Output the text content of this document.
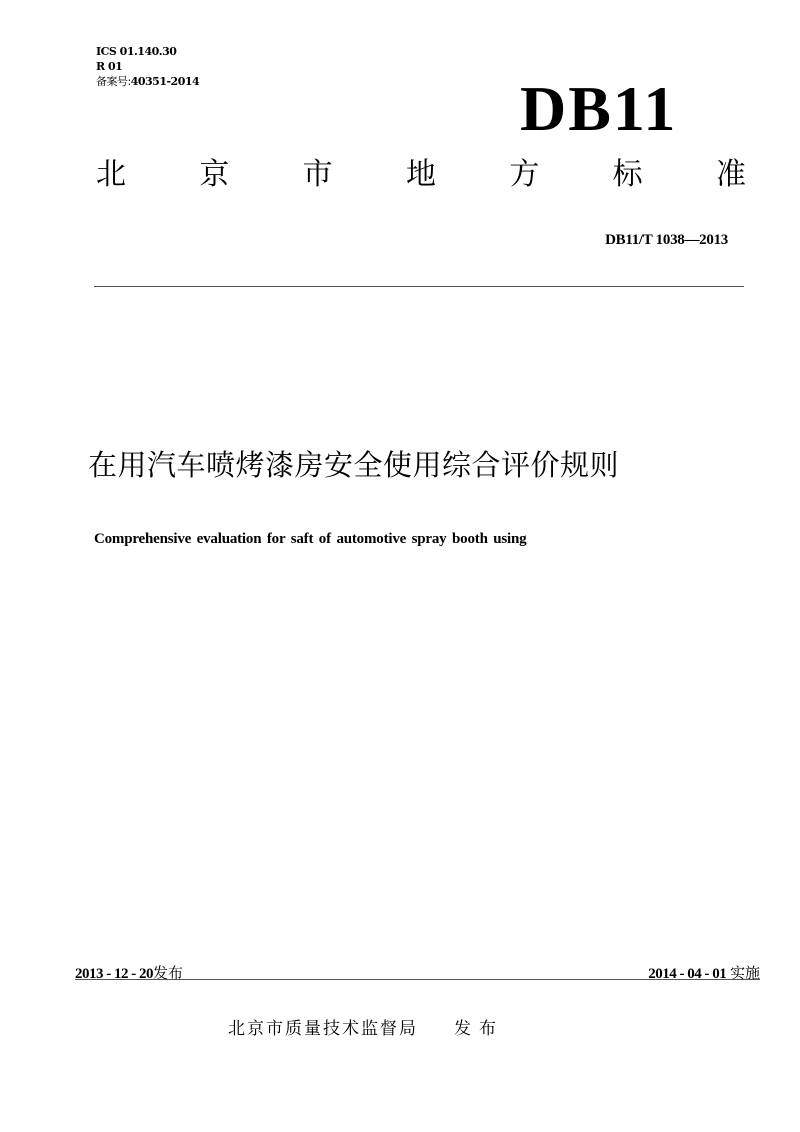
ICS 01.140.30
R 01
备案号:40351-2014	DB11
北 京 市 地 方 标 准
DB11/T 1038—2013
在用汽车喷烤漆房安全使用综合评价规则
Comprehensive evaluation for saft of automotive spray booth using
2013 - 12 - 20发布	2014 - 04 - 01 实施
北京市质量技术监督局 发布
